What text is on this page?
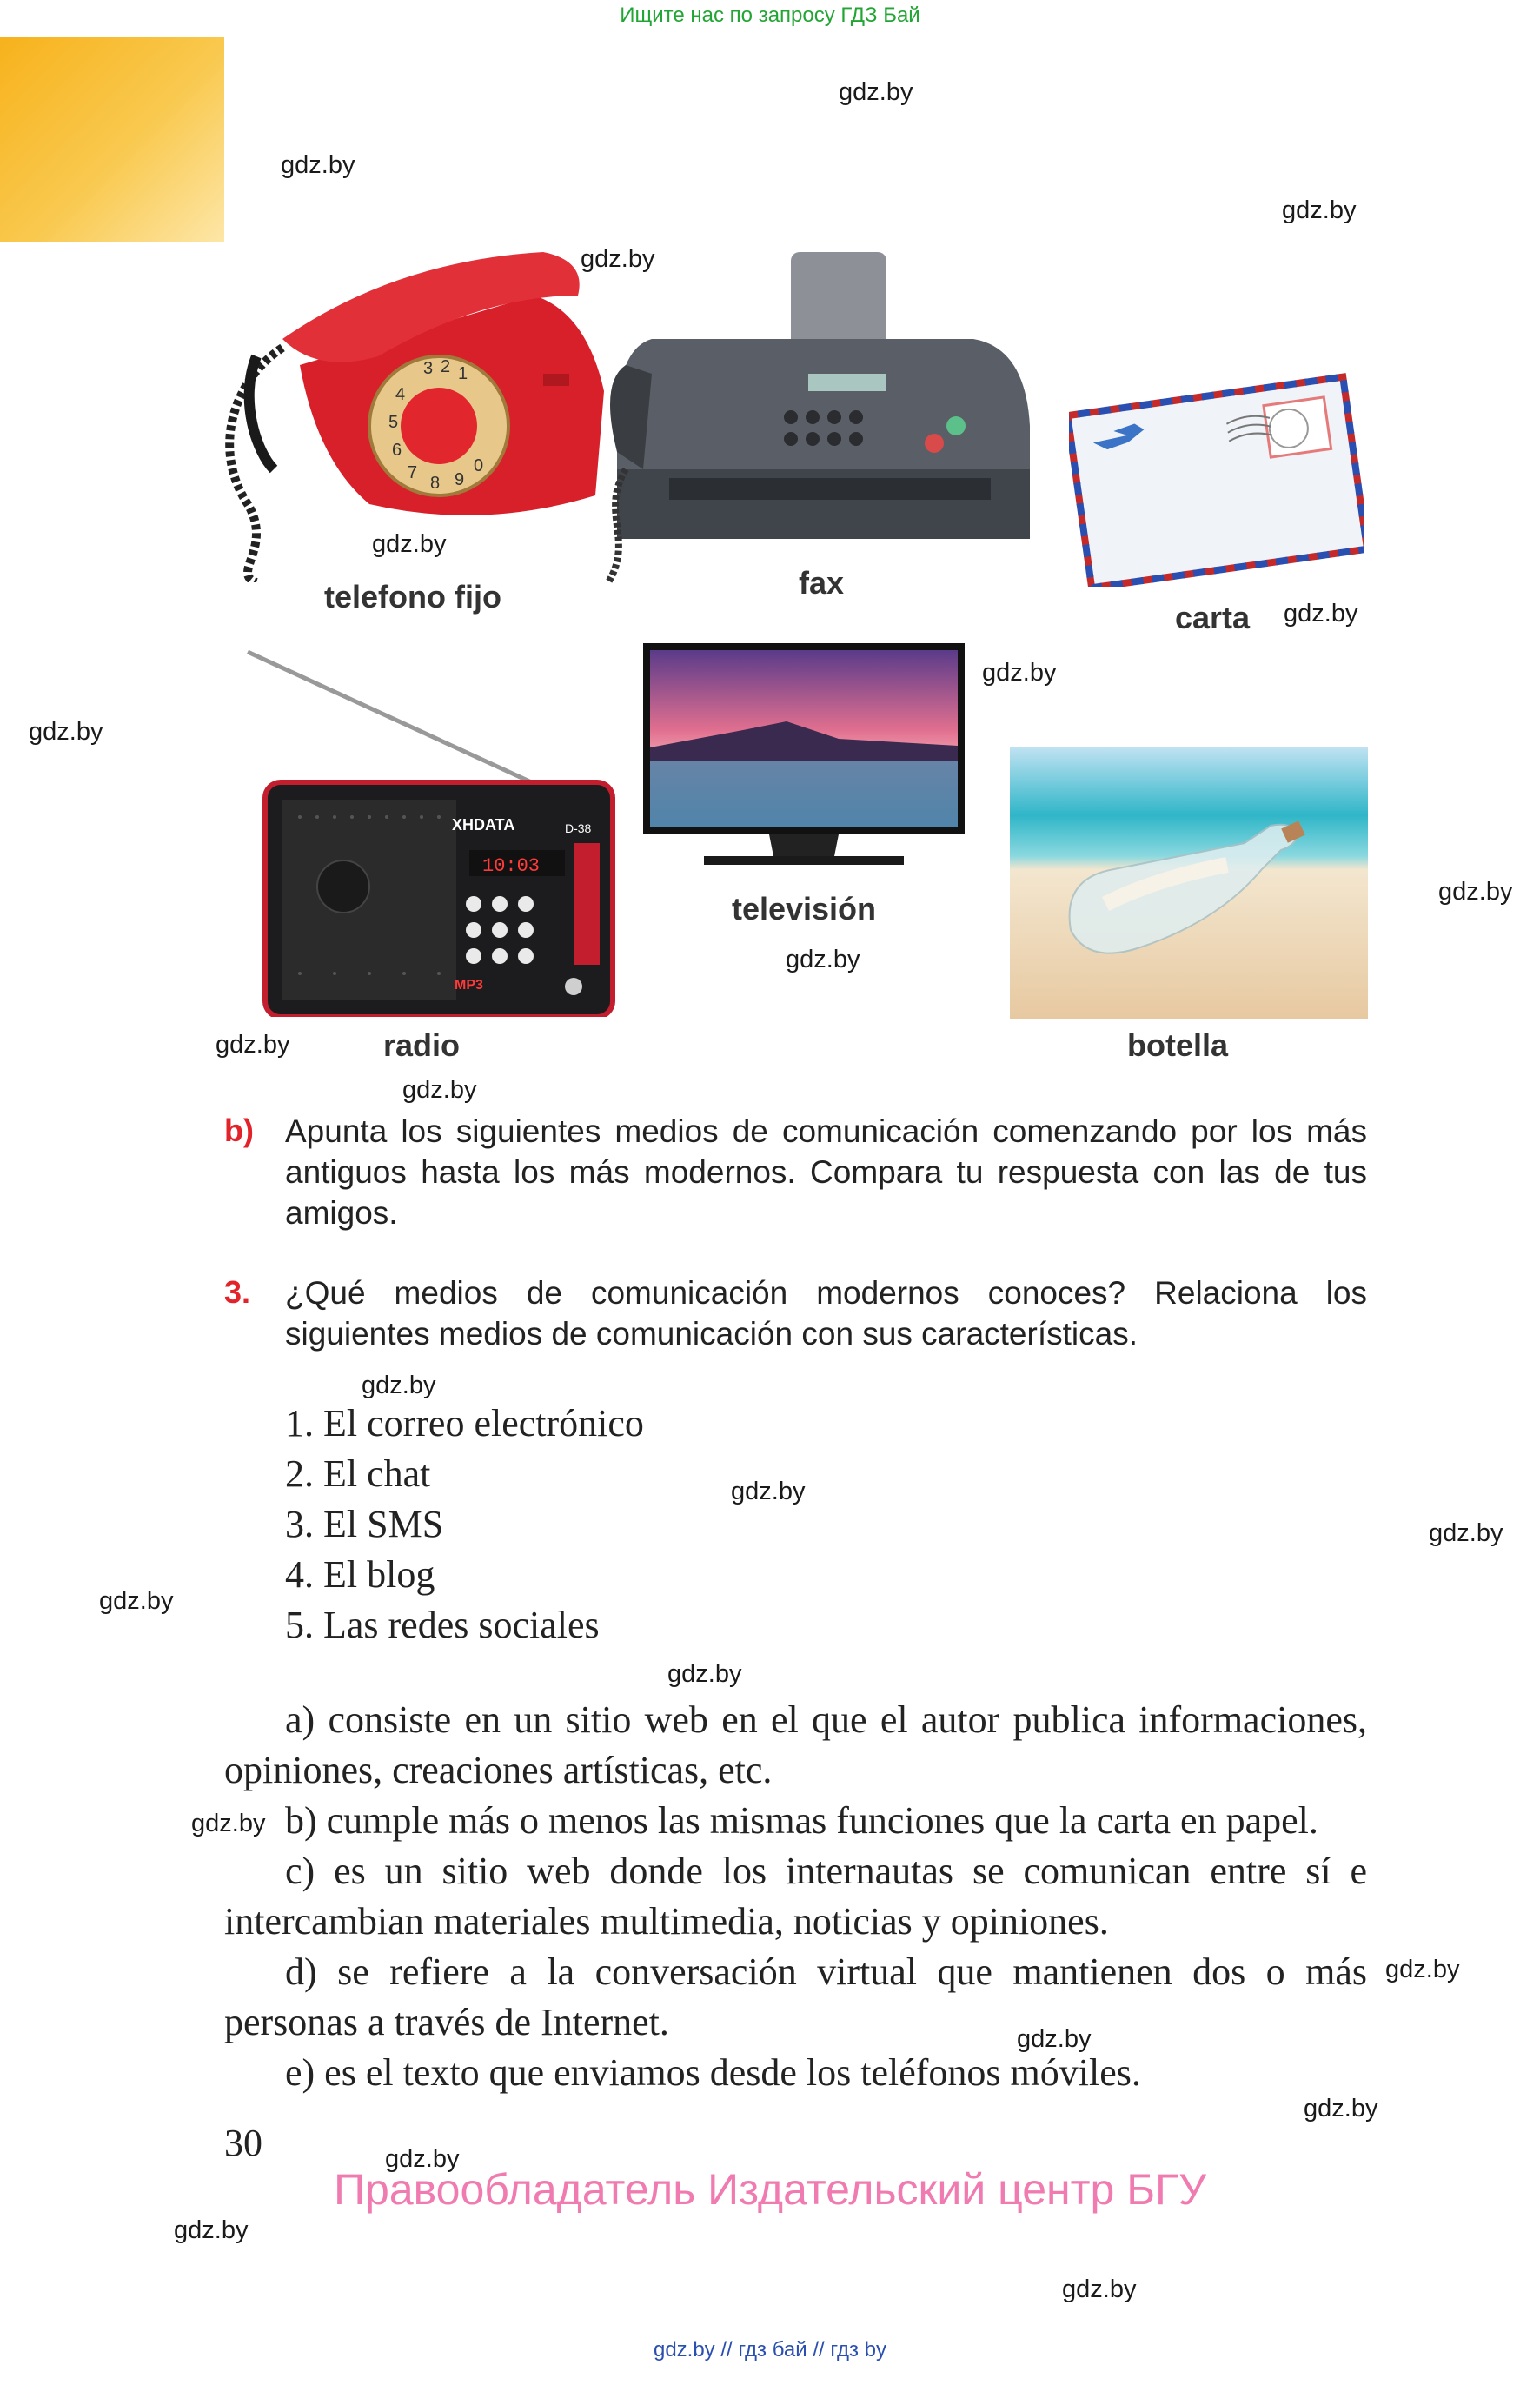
Ищите нас по запросу ГДЗ Бай
gdz.by
gdz.by
gdz.by
gdz.by
gdz.by
gdz.by
gdz.by
gdz.by
gdz.by
gdz.by
gdz.by
gdz.by
gdz.by
gdz.by
gdz.by
gdz.by
gdz.by
gdz.by
gdz.by
gdz.by
gdz.by
gdz.by
gdz.by
gdz.by
3 2 1
4
5
6
7
8 9
0
telefono fijo	fax
carta
XHDATA	D-38
10:03
MP3
radio
televisión
botella
b) Apunta los siguientes medios de comunicación comenzando por los más antiguos hasta los más modernos. Compara tu respuesta con las de tus amigos.
3. ¿Qué medios de comunicación modernos conoces? Relaciona los siguientes medios de comunicación con sus características.
1. El correo electrónico
2. El chat
3. El SMS
4. El blog
5. Las redes sociales
a) consiste en un sitio web en el que el autor publica informaciones, opiniones, creaciones artísticas, etc.
b) cumple más o menos las mismas funciones que la carta en papel.
c) es un sitio web donde los internautas se comunican entre sí e intercambian materiales multimedia, noticias y opiniones.
d) se refiere a la conversación virtual que mantienen dos o más personas a través de Internet.
e) es el texto que enviamos desde los teléfonos móviles.
30
Правообладатель Издательский центр БГУ
gdz.by // гдз бай // гдз by
